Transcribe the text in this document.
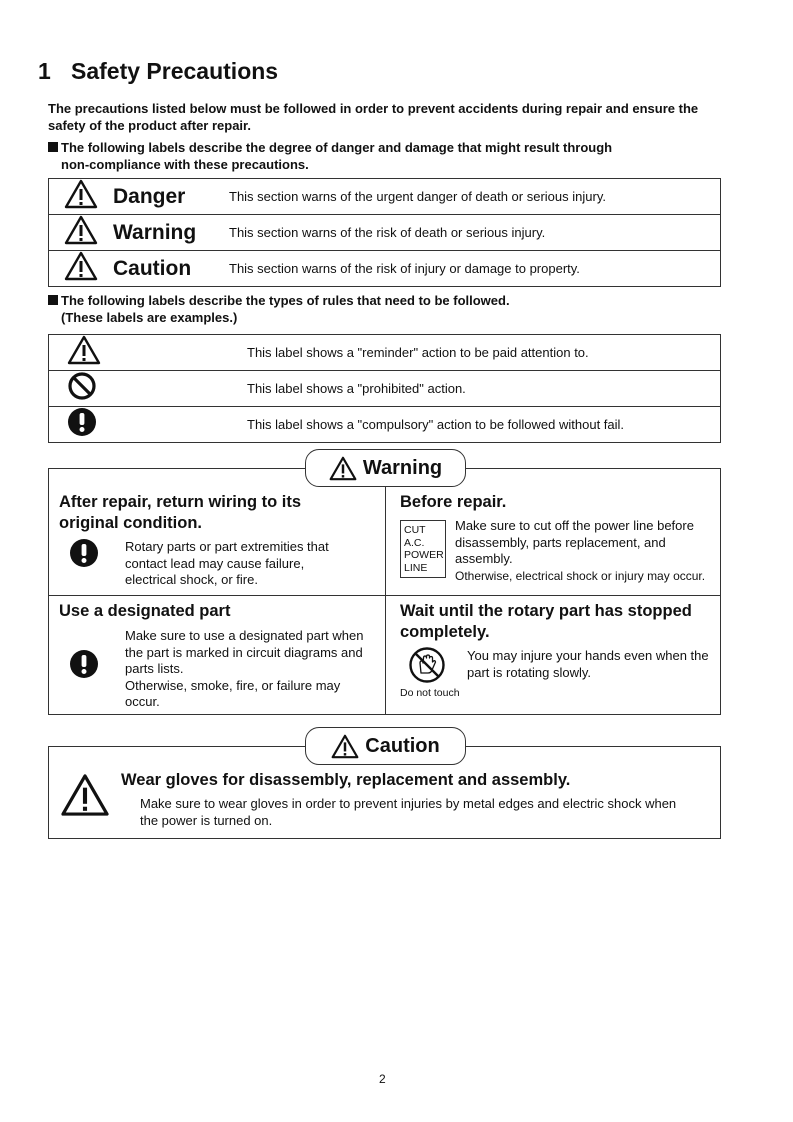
1 Safety Precautions
The precautions listed below must be followed in order to prevent accidents during repair and ensure the safety of the product after repair.
The following labels describe the degree of danger and damage that might result through
non-compliance with these precautions.
	Danger	This section warns of the urgent danger of death or serious injury.
	Warning	This section warns of the risk of death or serious injury.
	Caution	This section warns of the risk of injury or damage to property.
The following labels describe the types of rules that need to be followed.
(These labels are examples.)
	This label shows a "reminder" action to be paid attention to.
	This label shows a "prohibited" action.
	This label shows a "compulsory" action to be followed without fail.
After repair, return wiring to its
original condition.

Rotary parts or part extremities that

contact lead may cause failure,

electrical shock, or fire.

Before repair.
CUT
A.C.
POWER
LINE

Make sure to cut off the power line before

disassembly, parts replacement, and

assembly.

Otherwise, electrical shock or injury may occur.

Use a designated part

Make sure to use a designated part when

the part is marked in circuit diagrams and

parts lists.

Otherwise, smoke, fire, or failure may

occur.

Wait until the rotary part has stopped
completely.
Do not touch

You may injure your hands even when the

part is rotating slowly.

Warning
Wear gloves for disassembly, replacement and assembly.

Make sure to wear gloves in order to prevent injuries by metal edges and electric shock when

the power is turned on.

Caution
2
